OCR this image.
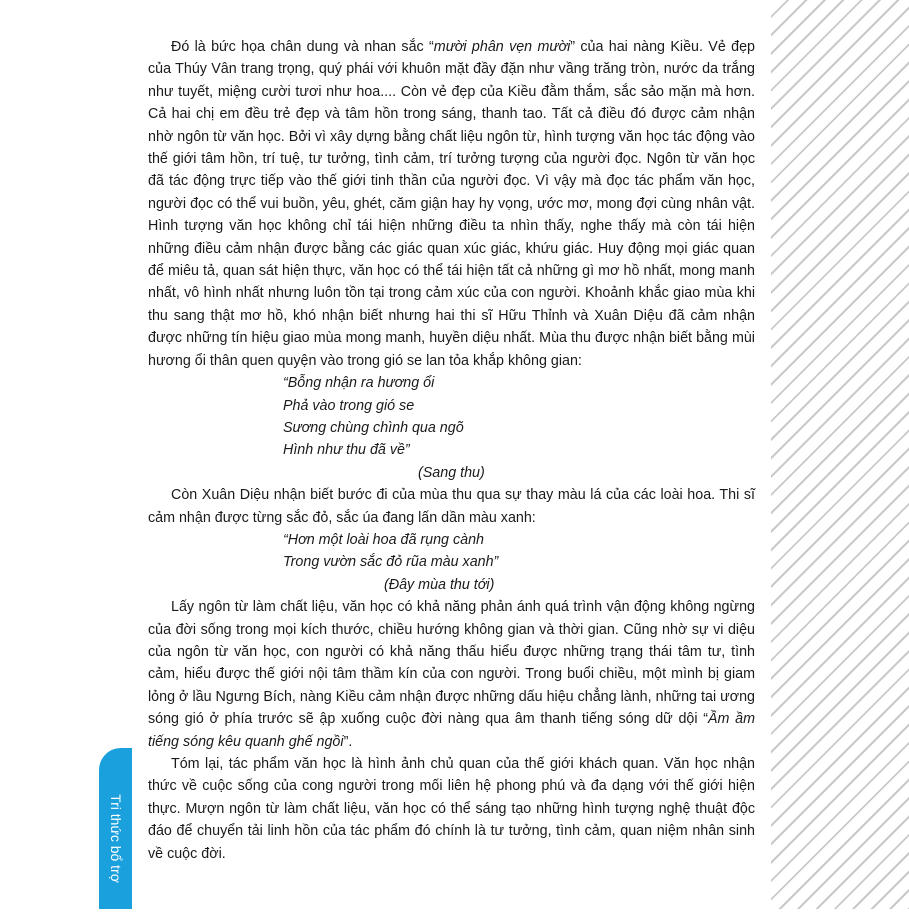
Tri thức bổ trợ

Đó là bức họa chân dung và nhan sắc “mười phân vẹn mười” của hai nàng Kiều. Vẻ đẹp của Thúy Vân trang trọng, quý phái với khuôn mặt đầy đặn như vầng trăng tròn, nước da trắng như tuyết, miệng cười tươi như hoa.... Còn vẻ đẹp của Kiều đằm thắm, sắc sảo mặn mà hơn. Cả hai chị em đều trẻ đẹp và tâm hồn trong sáng, thanh tao. Tất cả điều đó được cảm nhận nhờ ngôn từ văn học. Bởi vì xây dựng bằng chất liệu ngôn từ, hình tượng văn học tác động vào thế giới tâm hồn, trí tuệ, tư tưởng, tình cảm, trí tưởng tượng của người đọc. Ngôn từ văn học đã tác động trực tiếp vào thế giới tinh thần của người đọc. Vì vậy mà đọc tác phẩm văn học, người đọc có thể vui buồn, yêu, ghét, căm giận hay hy vọng, ước mơ, mong đợi cùng nhân vật. Hình tượng văn học không chỉ tái hiện những điều ta nhìn thấy, nghe thấy mà còn tái hiện những điều cảm nhận được bằng các giác quan xúc giác, khứu giác. Huy động mọi giác quan để miêu tả, quan sát hiện thực, văn học có thể tái hiện tất cả những gì mơ hồ nhất, mong manh nhất, vô hình nhất nhưng luôn tồn tại trong cảm xúc của con người. Khoảnh khắc giao mùa khi thu sang thật mơ hồ, khó nhận biết nhưng hai thi sĩ Hữu Thỉnh và Xuân Diệu đã cảm nhận được những tín hiệu giao mùa mong manh, huyền diệu nhất. Mùa thu được nhận biết bằng mùi hương ổi thân quen quyện vào trong gió se lan tỏa khắp không gian:

“Bỗng nhận ra hương ổi

Phả vào trong gió se

Sương chùng chình qua ngõ

Hình như thu đã về”

(Sang thu)

Còn Xuân Diệu nhận biết bước đi của mùa thu qua sự thay màu lá của các loài hoa. Thi sĩ cảm nhận được từng sắc đỏ, sắc úa đang lấn dần màu xanh:

“Hơn một loài hoa đã rụng cành

Trong vườn sắc đỏ rũa màu xanh”

(Đây mùa thu tới)

Lấy ngôn từ làm chất liệu, văn học có khả năng phản ánh quá trình vận động không ngừng của đời sống trong mọi kích thước, chiều hướng không gian và thời gian. Cũng nhờ sự vi diệu của ngôn từ văn học, con người có khả năng thấu hiểu được những trạng thái tâm tư, tình cảm, hiểu được thế giới nội tâm thầm kín của con người. Trong buổi chiều, một mình bị giam lỏng ở lầu Ngưng Bích, nàng Kiều cảm nhận được những dấu hiệu chẳng lành, những tai ương sóng gió ở phía trước sẽ ập xuống cuộc đời nàng qua âm thanh tiếng sóng dữ dội “Ầm ầm tiếng sóng kêu quanh ghế ngồi”.

Tóm lại, tác phẩm văn học là hình ảnh chủ quan của thế giới khách quan. Văn học nhận thức về cuộc sống của cong người trong mối liên hệ phong phú và đa dạng với thế giới hiện thực. Mượn ngôn từ làm chất liệu, văn học có thể sáng tạo những hình tượng nghệ thuật độc đáo để chuyển tải linh hồn của tác phẩm đó chính là tư tưởng, tình cảm, quan niệm nhân sinh về cuộc đời.
